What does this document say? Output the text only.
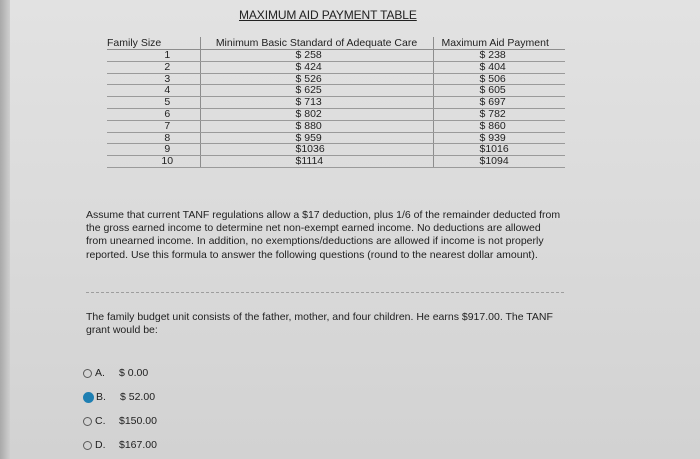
MAXIMUM AID PAYMENT TABLE
Family Size	Minimum Basic Standard of Adequate Care	Maximum Aid Payment
1	$ 258	$ 238
2	$ 424	$ 404
3	$ 526	$ 506
4	$ 625	$ 605
5	$ 713	$ 697
6	$ 802	$ 782
7	$ 880	$ 860
8	$ 959	$ 939
9	$1036	$1016
10	$1114	$1094

Assume that current TANF regulations allow a $17 deduction, plus 1/6 of the remainder deducted from the gross earned income to determine net non-exempt earned income. No deductions are allowed from unearned income. In addition, no exemptions/deductions are allowed if income is not properly reported. Use this formula to answer the following questions (round to the nearest dollar amount).

The family budget unit consists of the father, mother, and four children. He earns $917.00. The TANF grant would be:

A.	$ 0.00
B.	$ 52.00
C.	$150.00
D.	$167.00
